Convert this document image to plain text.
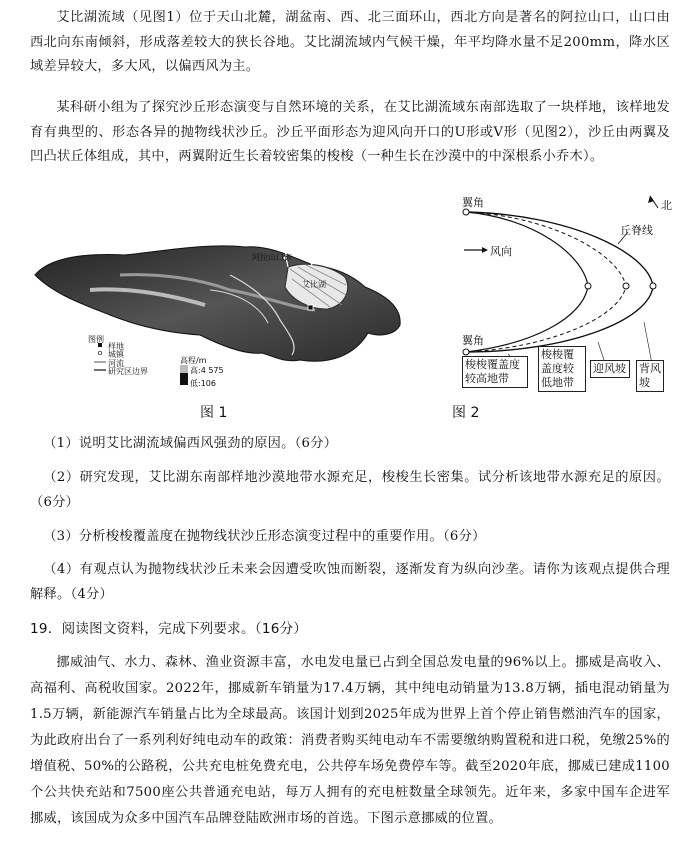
艾比湖流域（见图1）位于天山北麓，湖盆南、西、北三面环山，西北方向是著名的阿拉山口，山口由西北向东南倾斜，形成落差较大的狭长谷地。艾比湖流域内气候干燥，年平均降水量不足200mm，降水区域差异较大，多大风，以偏西风为主。
某科研小组为了探究沙丘形态演变与自然环境的关系，在艾比湖流域东南部选取了一块样地，该样地发育有典型的、形态各异的抛物线状沙丘。沙丘平面形态为迎风向开口的U形或V形（见图2），沙丘由两翼及凹凸状丘体组成，其中，两翼附近生长着较密集的梭梭（一种生长在沙漠中的中深根系小乔木）。
阿拉山口市
艾比湖
图例
样地
城镇
河流
研究区边界
高程/m
高:4 575
低:106
图 1
翼角	北
丘脊线
风向
翼角
梭梭覆盖度较高地带
梭梭覆盖度较低地带
迎风坡	背风坡
图 2
（1）说明艾比湖流域偏西风强劲的原因。（6分）
（2）研究发现，艾比湖东南部样地沙漠地带水源充足，梭梭生长密集。试分析该地带水源充足的原因。（6分）
（3）分析梭梭覆盖度在抛物线状沙丘形态演变过程中的重要作用。（6分）
（4）有观点认为抛物线状沙丘未来会因遭受吹蚀而断裂，逐渐发育为纵向沙垄。请你为该观点提供合理解释。（4分）
19．阅读图文资料，完成下列要求。（16分）
挪威油气、水力、森林、渔业资源丰富，水电发电量已占到全国总发电量的96%以上。挪威是高收入、高福利、高税收国家。2022年，挪威新车销量为17.4万辆，其中纯电动销量为13.8万辆，插电混动销量为1.5万辆，新能源汽车销量占比为全球最高。该国计划到2025年成为世界上首个停止销售燃油汽车的国家，为此政府出台了一系列利好纯电动车的政策：消费者购买纯电动车不需要缴纳购置税和进口税，免缴25%的增值税、50%的公路税，公共充电桩免费充电，公共停车场免费停车等。截至2020年底，挪威已建成1100个公共快充站和7500座公共普通充电站，每万人拥有的充电桩数量全球领先。近年来，多家中国车企进军挪威，该国成为众多中国汽车品牌登陆欧洲市场的首选。下图示意挪威的位置。
